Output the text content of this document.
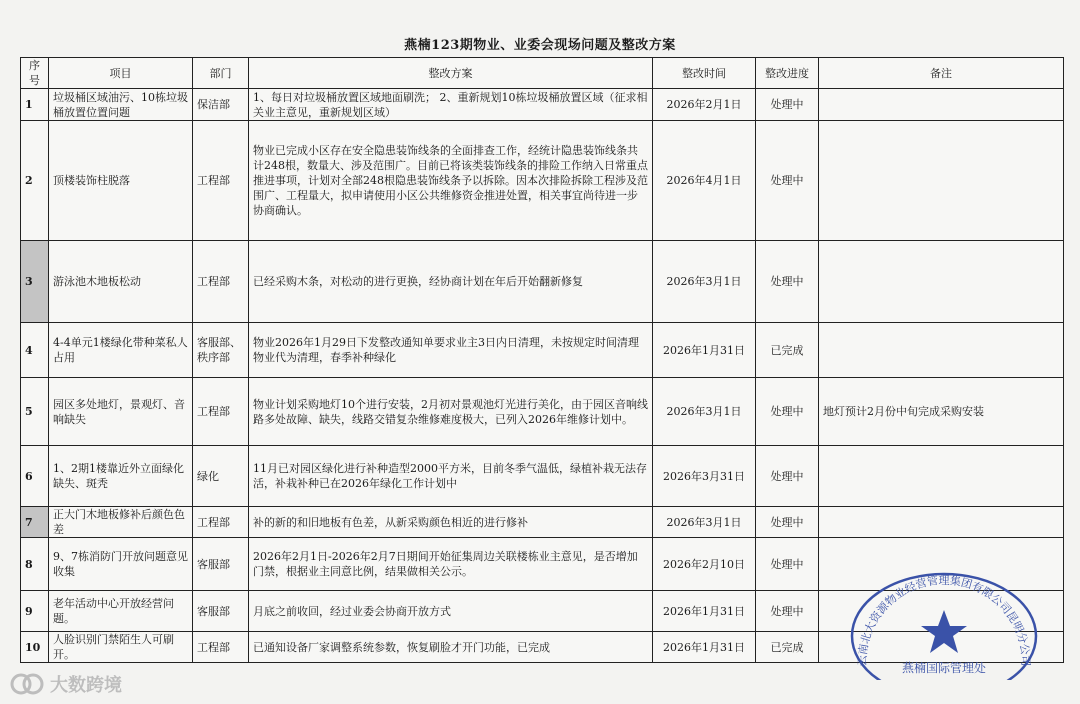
燕楠123期物业、业委会现场问题及整改方案
序号	项目	部门	整改方案	整改时间	整改进度	备注
1	垃圾桶区域油污、10栋垃圾桶放置位置问题	保洁部	1、每日对垃圾桶放置区域地面刷洗； 2、重新规划10栋垃圾桶放置区域（征求相关业主意见，重新规划区域）	2026年2月1日	处理中	
2	顶楼装饰柱脱落	工程部	物业已完成小区存在安全隐患装饰线条的全面排查工作，经统计隐患装饰线条共计248根，数量大、涉及范围广。目前已将该类装饰线条的排险工作纳入日常重点推进事项，计划对全部248根隐患装饰线条予以拆除。因本次排险拆除工程涉及范围广、工程量大，拟申请使用小区公共维修资金推进处置，相关事宜尚待进一步协商确认。	2026年4月1日	处理中	
3	游泳池木地板松动	工程部	已经采购木条，对松动的进行更换，经协商计划在年后开始翻新修复	2026年3月1日	处理中	
4	4-4单元1楼绿化带种菜私人占用	客服部、秩序部	物业2026年1月29日下发整改通知单要求业主3日内日清理，未按规定时间清理物业代为清理，春季补种绿化	2026年1月31日	已完成	
5	园区多处地灯，景观灯、音响缺失	工程部	物业计划采购地灯10个进行安装，2月初对景观池灯光进行美化，由于园区音响线路多处故障、缺失，线路交错复杂维修难度极大，已列入2026年维修计划中。	2026年3月1日	处理中	地灯预计2月份中旬完成采购安装
6	1、2期1楼靠近外立面绿化缺失、斑秃	绿化	11月已对园区绿化进行补种造型2000平方米，目前冬季气温低，绿植补栽无法存活，补栽补种已在2026年绿化工作计划中	2026年3月31日	处理中	
7	正大门木地板修补后颜色色差	工程部	补的新的和旧地板有色差，从新采购颜色相近的进行修补	2026年3月1日	处理中	
8	9、7栋消防门开放问题意见收集	客服部	2026年2月1日-2026年2月7日期间开始征集周边关联楼栋业主意见，是否增加门禁，根据业主同意比例，结果做相关公示。	2026年2月10日	处理中	
9	老年活动中心开放经营问题。	客服部	月底之前收回，经过业委会协商开放方式	2026年1月31日	处理中	
10	人脸识别门禁陌生人可刷开。	工程部	已通知设备厂家调整系统参数，恢复刷脸才开门功能，已完成	2026年1月31日	已完成	
云南北大资源物业经营管理集团有限公司昆明分公司
燕楠国际管理处
大数跨境
